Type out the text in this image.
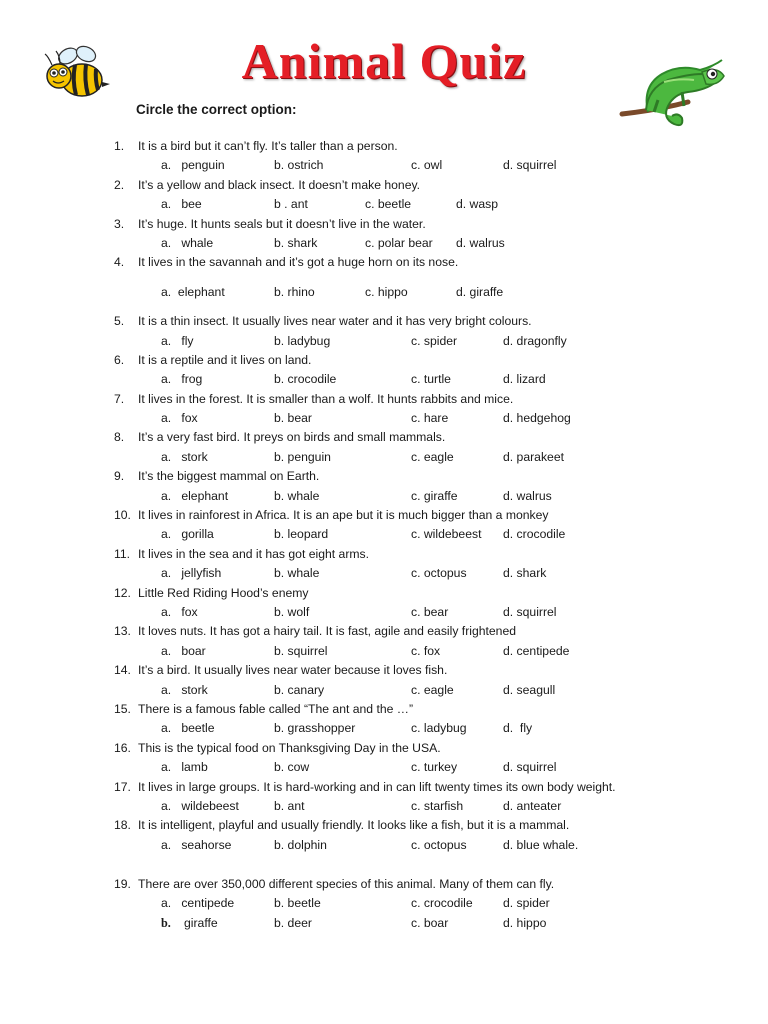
Animal Quiz
Circle the correct option:
1. It is a bird but it can’t fly. It’s taller than a person.
a.   penguin	b. ostrich	c. owl	d. squirrel
2. It’s a yellow and black insect. It doesn’t make honey.
a.   bee	b . ant	c. beetle	d. wasp
3. It’s huge. It hunts seals but it doesn’t live in the water.
a.   whale	b. shark	c. polar bear d. walrus
4. It lives in the savannah and it’s got a huge horn on its nose.
a.  elephant	b. rhino	c. hippo	d. giraffe
5. It is a thin insect. It usually lives near water and it has very bright colours.
a.   fly	b. ladybug	c. spider	d. dragonfly
6. It is a reptile and it lives on land.
a.   frog	b. crocodile	c. turtle	d. lizard
7. It lives in the forest. It is smaller than a wolf. It hunts rabbits and mice.
a.   fox	b. bear	c. hare	d. hedgehog
8. It’s a very fast bird. It preys on birds and small mammals.
a.   stork	b. penguin	c. eagle	d. parakeet
9. It’s the biggest mammal on Earth.
a.   elephant	b. whale	c. giraffe	d. walrus
10. It lives in rainforest in Africa. It is an ape but it is much bigger than a monkey
a.   gorilla	b. leopard	c. wildebeest d. crocodile
11. It lives in the sea and it has got eight arms.
a.   jellyfish	b. whale	c. octopus	d. shark
12. Little Red Riding Hood’s enemy
a.   fox	b. wolf	c. bear	d. squirrel
13. It loves nuts. It has got a hairy tail. It is fast, agile and easily frightened
a.   boar	b. squirrel	c. fox	d. centipede
14. It’s a bird. It usually lives near water because it loves fish.
a.   stork	b. canary	c. eagle	d. seagull
15. There is a famous fable called “The ant and the …”
a.   beetle	b. grasshopper	c. ladybug	d.  fly
16. This is the typical food on Thanksgiving Day in the USA.
a.   lamb	b. cow	c. turkey	d. squirrel
17. It lives in large groups. It is hard-working and in can lift twenty times its own body weight.
a.   wildebeest	b. ant	c. starfish	d. anteater
18. It is intelligent, playful and usually friendly. It looks like a fish, but it is a mammal.
a.   seahorse	b. dolphin	c. octopus	d. blue whale.
19. There are over 350,000 different species of this animal. Many of them can fly.
a.   centipede	b. beetle	c. crocodile d. spider
b. giraffe	b. deer	c. boar	d. hippo
